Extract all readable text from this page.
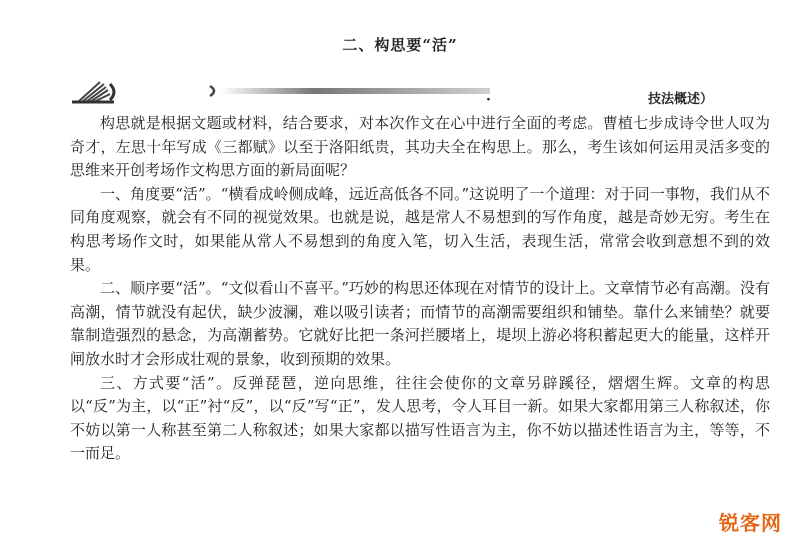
二、构思要“活”
·	技法概述）

构思就是根据文题或材料，结合要求，对本次作文在心中进行全面的考虑。曹植七步成诗令世人叹为奇才，左思十年写成《三都赋》以至于洛阳纸贵，其功夫全在构思上。那么，考生该如何运用灵活多变的思维来开创考场作文构思方面的新局面呢？

一、角度要“活”。“横看成岭侧成峰，远近高低各不同。”这说明了一个道理：对于同一事物，我们从不同角度观察，就会有不同的视觉效果。也就是说，越是常人不易想到的写作角度，越是奇妙无穷。考生在构思考场作文时，如果能从常人不易想到的角度入笔，切入生活，表现生活，常常会收到意想不到的效果。

二、顺序要“活”。“文似看山不喜平。”巧妙的构思还体现在对情节的设计上。文章情节必有高潮。没有高潮，情节就没有起伏，缺少波澜，难以吸引读者；而情节的高潮需要组织和铺垫。靠什么来铺垫？就要靠制造强烈的悬念，为高潮蓄势。它就好比把一条河拦腰堵上，堤坝上游必将积蓄起更大的能量，这样开闸放水时才会形成壮观的景象，收到预期的效果。

三、方式要“活”。反弹琵琶，逆向思维，往往会使你的文章另辟蹊径，熠熠生辉。文章的构思以“反”为主，以“正”衬“反”，以“反”写“正”，发人思考，令人耳目一新。如果大家都用第三人称叙述，你不妨以第一人称甚至第二人称叙述；如果大家都以描写性语言为主，你不妨以描述性语言为主，等等，不一而足。

锐客网
